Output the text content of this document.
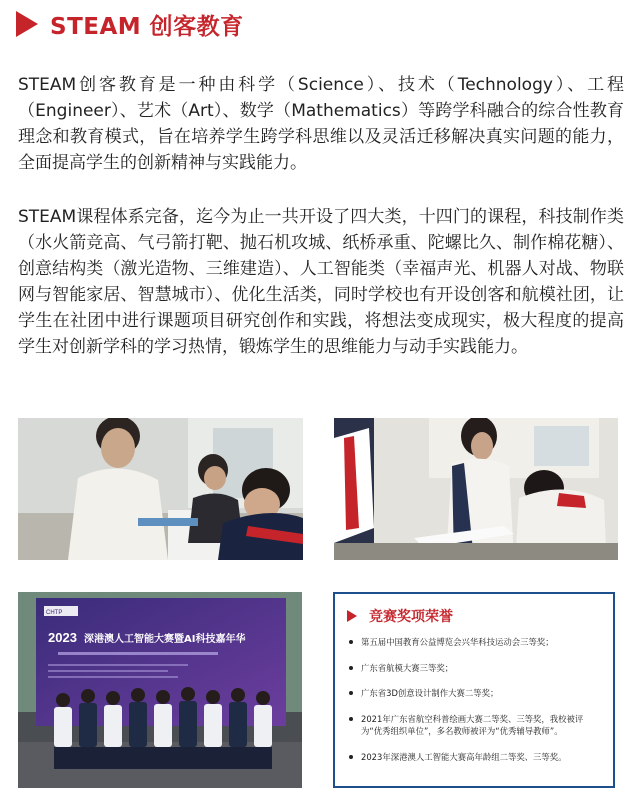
STEAM 创客教育

STEAM创客教育是一种由科学（Science）、技术（Technology）、工程（Engineer）、艺术（Art）、数学（Mathematics）等跨学科融合的综合性教育理念和教育模式，旨在培养学生跨学科思维以及灵活迁移解决真实问题的能力，全面提高学生的创新精神与实践能力。

STEAM课程体系完备，迄今为止一共开设了四大类，十四门的课程，科技制作类（水火箭竞高、气弓箭打靶、抛石机攻城、纸桥承重、陀螺比久、制作棉花糖）、创意结构类（激光造物、三维建造）、人工智能类（幸福声光、机器人对战、物联网与智能家居、智慧城市）、优化生活类，同时学校也有开设创客和航模社团，让学生在社团中进行课题项目研究创作和实践，将想法变成现实，极大程度的提高学生对创新学科的学习热情，锻炼学生的思维能力与动手实践能力。

CHTP
2023 深港澳人工智能大赛暨AI科技嘉年华
竞赛奖项荣誉
第五届中国教育公益博览会兴华科技运动会三等奖；
广东省航模大赛三等奖；
广东省3D创意设计制作大赛二等奖；
2021年广东省航空科普绘画大赛二等奖、三等奖，我校被评为“优秀组织单位”，多名教师被评为“优秀辅导教师”。
2023年深港澳人工智能大赛高年龄组二等奖、三等奖。
